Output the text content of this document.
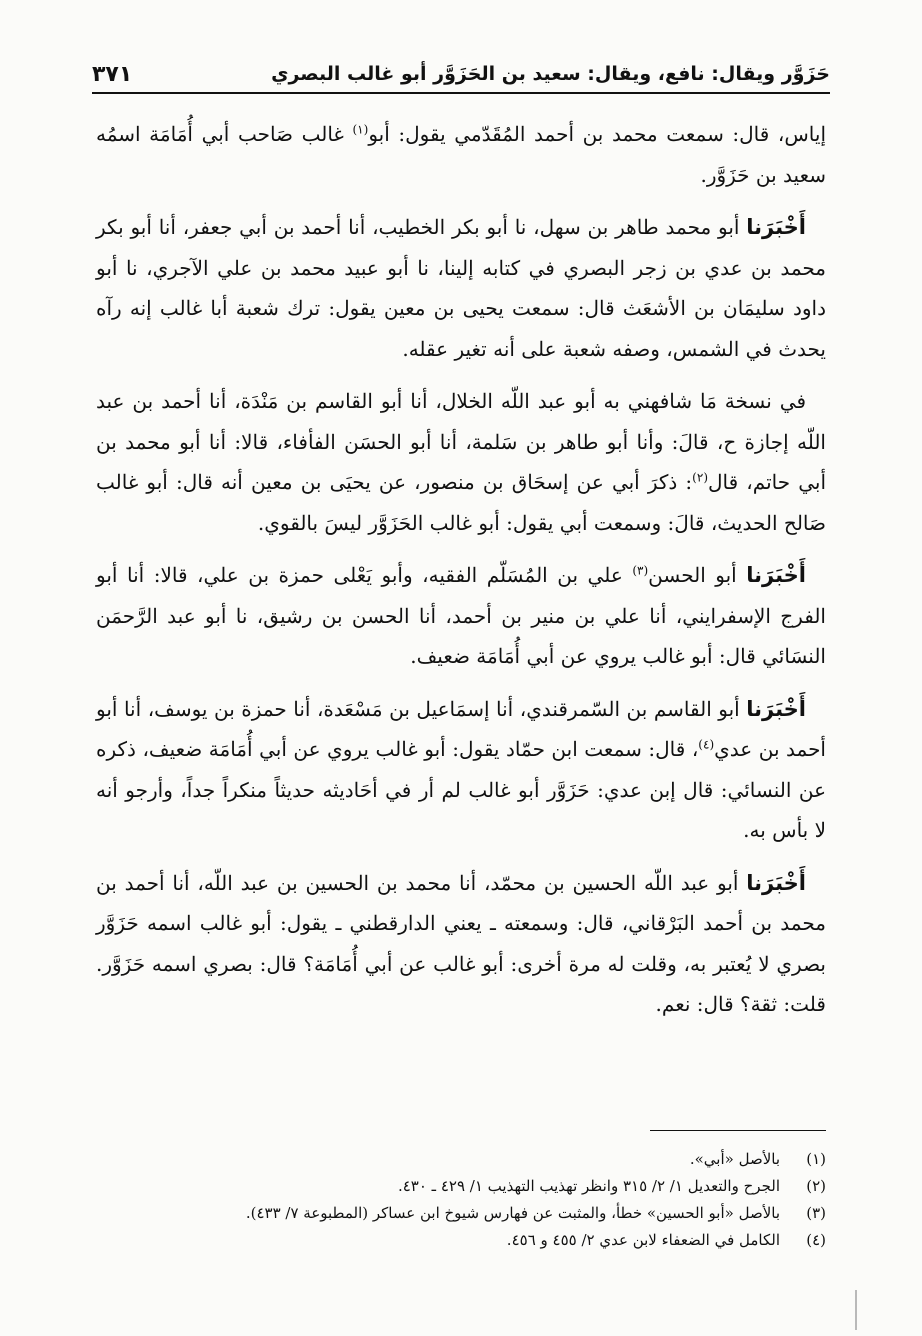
حَزَوَّر ويقال: نافع، ويقال: سعيد بن الحَزَوَّر أبو غالب البصري
٣٧١

إياس، قال: سمعت محمد بن أحمد المُقَدّمي يقول: أبو$^{(١)}$ غالب صَاحب أبي أُمَامَة اسمُه سعيد بن حَزَوَّر.

أَخْبَرَنا أبو محمد طاهر بن سهل، نا أبو بكر الخطيب، أنا أحمد بن أبي جعفر، أنا أبو بكر محمد بن عدي بن زجر البصري في كتابه إلينا، نا أبو عبيد محمد بن علي الآجري، نا أبو داود سليمَان بن الأشعَث قال: سمعت يحيى بن معين يقول: ترك شعبة أبا غالب إنه رآه يحدث في الشمس، وصفه شعبة على أنه تغير عقله.

في نسخة مَا شافهني به أبو عبد اللّه الخلال، أنا أبو القاسم بن مَنْدَة، أنا أحمد بن عبد اللّه إجازة ح، قالَ: وأنا أبو طاهر بن سَلمة، أنا أبو الحسَن الفأفاء، قالا: أنا أبو محمد بن أبي حاتم، قال$^{(٢)}$: ذكرَ أبي عن إسحَاق بن منصور، عن يحيَى بن معين أنه قال: أبو غالب صَالح الحديث، قالَ: وسمعت أبي يقول: أبو غالب الحَزَوَّر ليسَ بالقوي.

أَخْبَرَنا أبو الحسن$^{(٣)}$ علي بن المُسَلّم الفقيه، وأبو يَعْلى حمزة بن علي، قالا: أنا أبو الفرج الإسفرايني، أنا علي بن منير بن أحمد، أنا الحسن بن رشيق، نا أبو عبد الرَّحمَن النسَائي قال: أبو غالب يروي عن أبي أُمَامَة ضعيف.

أَخْبَرَنا أبو القاسم بن السّمرقندي، أنا إسمَاعيل بن مَسْعَدة، أنا حمزة بن يوسف، أنا أبو أحمد بن عدي$^{(٤)}$، قال: سمعت ابن حمّاد يقول: أبو غالب يروي عن أبي أُمَامَة ضعيف، ذكره عن النسائي: قال إبن عدي: حَزَوَّر أبو غالب لم أر في أحَاديثه حديثاً منكراً جداً، وأرجو أنه لا بأس به.

أَخْبَرَنا أبو عبد اللّه الحسين بن محمّد، أنا محمد بن الحسين بن عبد اللّه، أنا أحمد بن محمد بن أحمد البَرْقاني، قال: وسمعته ـ يعني الدارقطني ـ يقول: أبو غالب اسمه حَزَوَّر بصري لا يُعتبر به، وقلت له مرة أخرى: أبو غالب عن أبي أُمَامَة؟ قال: بصري اسمه حَزَوَّر. قلت: ثقة؟ قال: نعم.

(١)
بالأصل «أبي».
(٢)
الجرح والتعديل ١/ ٢/ ٣١٥ وانظر تهذيب التهذيب ١/ ٤٢٩ ـ ٤٣٠.
(٣)
بالأصل «أبو الحسين» خطأ، والمثبت عن فهارس شيوخ ابن عساكر (المطبوعة ٧/ ٤٣٣).
(٤)
الكامل في الضعفاء لابن عدي ٢/ ٤٥٥ و ٤٥٦.
